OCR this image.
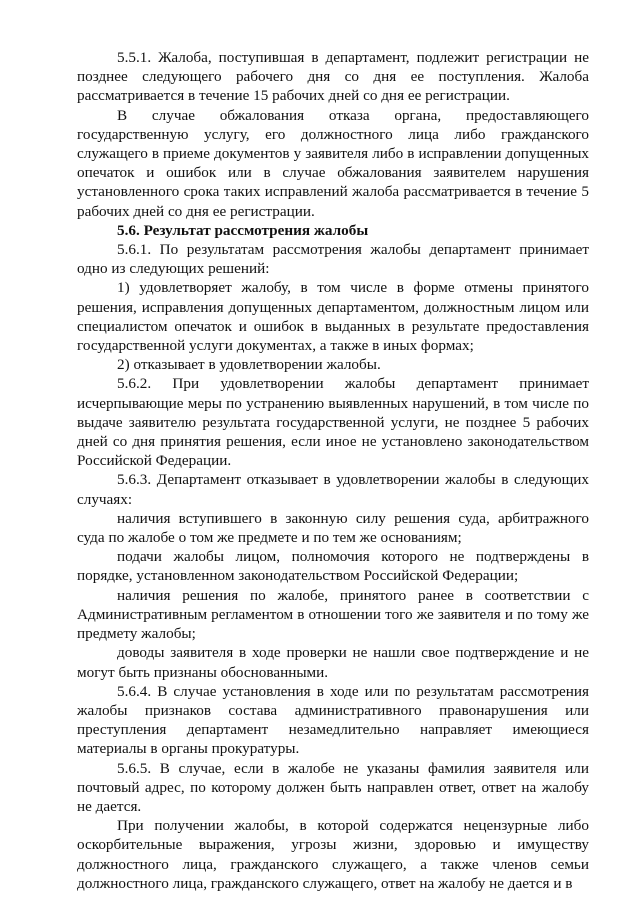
5.5.1. Жалоба, поступившая в департамент, подлежит регистрации не позднее следующего рабочего дня со дня ее поступления. Жалоба рассматривается в течение 15 рабочих дней со дня ее регистрации.

В случае обжалования отказа органа, предоставляющего государственную услугу, его должностного лица либо гражданского служащего в приеме документов у заявителя либо в исправлении допущенных опечаток и ошибок или в случае обжалования заявителем нарушения установленного срока таких исправлений жалоба рассматривается в течение 5 рабочих дней со дня ее регистрации.

5.6. Результат рассмотрения жалобы

5.6.1. По результатам рассмотрения жалобы департамент принимает одно из следующих решений:

1) удовлетворяет жалобу, в том числе в форме отмены принятого решения, исправления допущенных департаментом, должностным лицом или специалистом опечаток и ошибок в выданных в результате предоставления государственной услуги документах, а также в иных формах;

2) отказывает в удовлетворении жалобы.

5.6.2. При удовлетворении жалобы департамент принимает исчерпывающие меры по устранению выявленных нарушений, в том числе по выдаче заявителю результата государственной услуги, не позднее 5 рабочих дней со дня принятия решения, если иное не установлено законодательством Российской Федерации.

5.6.3. Департамент отказывает в удовлетворении жалобы в следующих случаях:

наличия вступившего в законную силу решения суда, арбитражного суда по жалобе о том же предмете и по тем же основаниям;

подачи жалобы лицом, полномочия которого не подтверждены в порядке, установленном законодательством Российской Федерации;

наличия решения по жалобе, принятого ранее в соответствии с Административным регламентом в отношении того же заявителя и по тому же предмету жалобы;

доводы заявителя в ходе проверки не нашли свое подтверждение и не могут быть признаны обоснованными.

5.6.4. В случае установления в ходе или по результатам рассмотрения жалобы признаков состава административного правонарушения или преступления департамент незамедлительно направляет имеющиеся материалы в органы прокуратуры.

5.6.5. В случае, если в жалобе не указаны фамилия заявителя или почтовый адрес, по которому должен быть направлен ответ, ответ на жалобу не дается.

При получении жалобы, в которой содержатся нецензурные либо оскорбительные выражения, угрозы жизни, здоровью и имуществу должностного лица, гражданского служащего, а также членов семьи должностного лица, гражданского служащего, ответ на жалобу не дается и в
